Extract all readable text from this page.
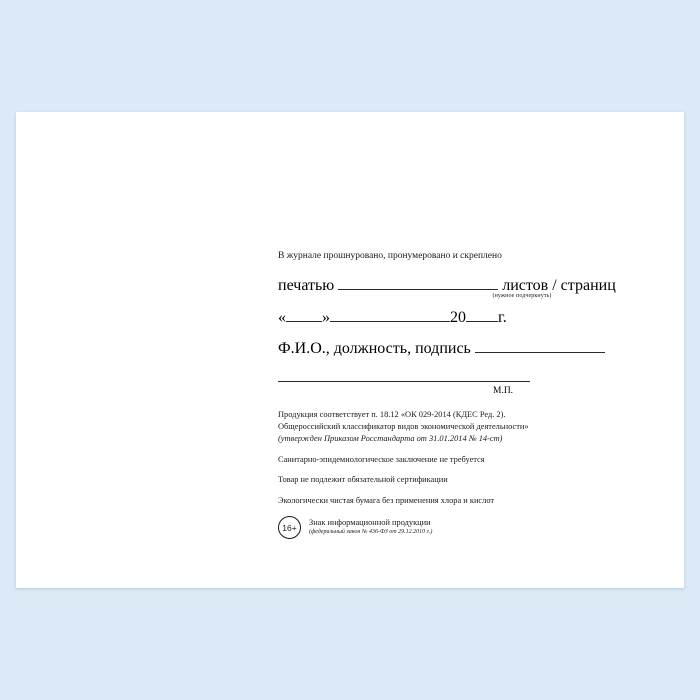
В журнале прошнуровано, пронумеровано и скреплено
печатью	листов / страниц
(нужное подчеркнуть)
« »	20 г.
Ф.И.О., должность, подпись
М.П.
Продукция соответствует п. 18.12 «ОК 029-2014 (КДЕС Ред. 2).
Общероссийский классификатор видов экономической деятельности»
(утвержден Приказом Росстандарта от 31.01.2014 № 14-ст)
Санитарно-эпидемиологическое заключение не требуется
Товар не подлежит обязательной сертификации
Экологически чистая бумага без применения хлора и кислот
16+	Знак информационной продукции
(федеральный закон № 436-ФЗ от 29.12.2010 г.)
